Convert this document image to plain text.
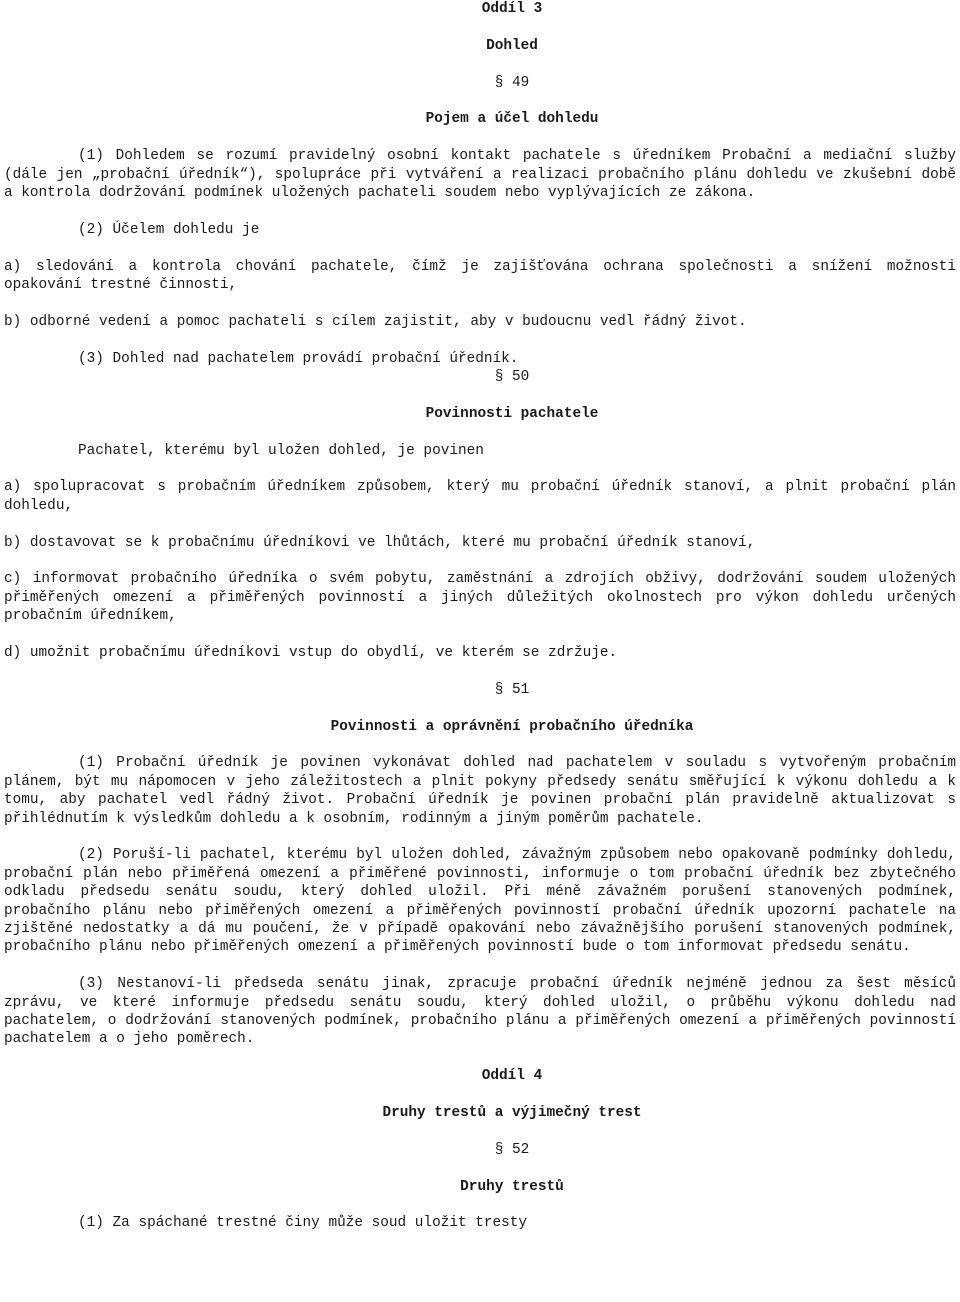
Oddíl 3

Dohled

§ 49

Pojem a účel dohledu

(1) Dohledem se rozumí pravidelný osobní kontakt pachatele s úředníkem Probační a mediační služby (dále jen „probační úředník“), spolupráce při vytváření a realizaci probačního plánu dohledu ve zkušební době a kontrola dodržování podmínek uložených pachateli soudem nebo vyplývajících ze zákona.

(2) Účelem dohledu je

a) sledování a kontrola chování pachatele, čímž je zajišťována ochrana společnosti a snížení možnosti opakování trestné činnosti,

b) odborné vedení a pomoc pachateli s cílem zajistit, aby v budoucnu vedl řádný život.

(3) Dohled nad pachatelem provádí probační úředník.

§ 50

Povinnosti pachatele

Pachatel, kterému byl uložen dohled, je povinen

a) spolupracovat s probačním úředníkem způsobem, který mu probační úředník stanoví, a plnit probační plán dohledu,

b) dostavovat se k probačnímu úředníkovi ve lhůtách, které mu probační úředník stanoví,

c) informovat probačního úředníka o svém pobytu, zaměstnání a zdrojích obživy, dodržování soudem uložených přiměřených omezení a přiměřených povinností a jiných důležitých okolnostech pro výkon dohledu určených probačním úředníkem,

d) umožnit probačnímu úředníkovi vstup do obydlí, ve kterém se zdržuje.

§ 51

Povinnosti a oprávnění probačního úředníka

(1) Probační úředník je povinen vykonávat dohled nad pachatelem v souladu s vytvořeným probačním plánem, být mu nápomocen v jeho záležitostech a plnit pokyny předsedy senátu směřující k výkonu dohledu a k tomu, aby pachatel vedl řádný život. Probační úředník je povinen probační plán pravidelně aktualizovat s přihlédnutím k výsledkům dohledu a k osobním, rodinným a jiným poměrům pachatele.

(2) Poruší-li pachatel, kterému byl uložen dohled, závažným způsobem nebo opakovaně podmínky dohledu, probační plán nebo přiměřená omezení a přiměřené povinnosti, informuje o tom probační úředník bez zbytečného odkladu předsedu senátu soudu, který dohled uložil. Při méně závažném porušení stanovených podmínek, probačního plánu nebo přiměřených omezení a přiměřených povinností probační úředník upozorní pachatele na zjištěné nedostatky a dá mu poučení, že v případě opakování nebo závažnějšího porušení stanovených podmínek, probačního plánu nebo přiměřených omezení a přiměřených povinností bude o tom informovat předsedu senátu.

(3) Nestanoví-li předseda senátu jinak, zpracuje probační úředník nejméně jednou za šest měsíců zprávu, ve které informuje předsedu senátu soudu, který dohled uložil, o průběhu výkonu dohledu nad pachatelem, o dodržování stanovených podmínek, probačního plánu a přiměřených omezení a přiměřených povinností pachatelem a o jeho poměrech.

Oddíl 4

Druhy trestů a výjimečný trest

§ 52

Druhy trestů

(1) Za spáchané trestné činy může soud uložit tresty
